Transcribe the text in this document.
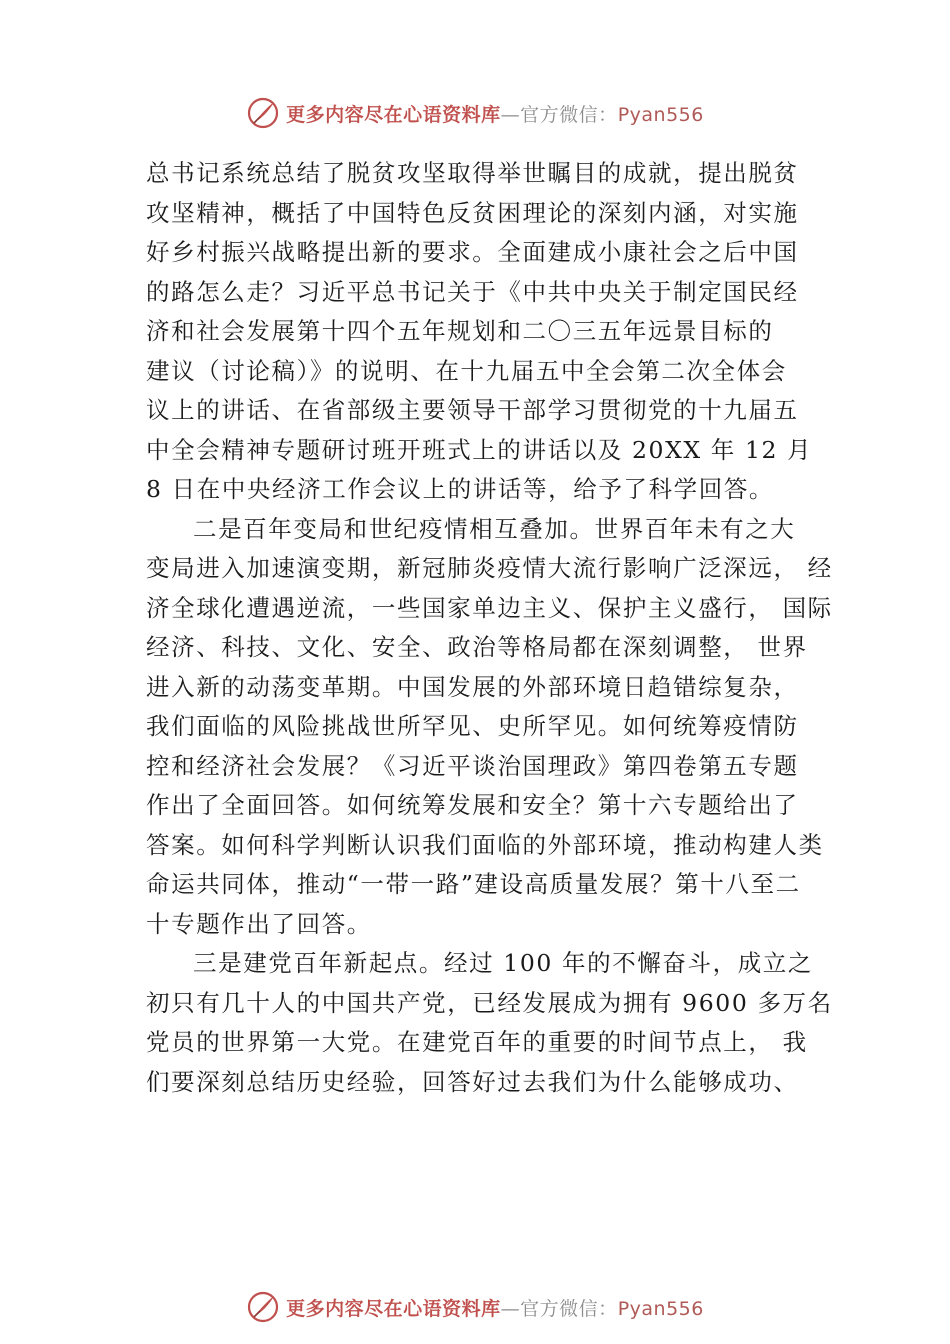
更多内容尽在心语资料库—官方微信：Pyan556
总书记系统总结了脱贫攻坚取得举世瞩目的成就，提出脱贫
攻坚精神，概括了中国特色反贫困理论的深刻内涵，对实施
好乡村振兴战略提出新的要求。全面建成小康社会之后中国
的路怎么走？习近平总书记关于《中共中央关于制定国民经
济和社会发展第十四个五年规划和二〇三五年远景目标的
建议（讨论稿）》的说明、在十九届五中全会第二次全体会
议上的讲话、在省部级主要领导干部学习贯彻党的十九届五
中全会精神专题研讨班开班式上的讲话以及 20XX 年 12 月
8 日在中央经济工作会议上的讲话等，给予了科学回答。
二是百年变局和世纪疫情相互叠加。世界百年未有之大
变局进入加速演变期，新冠肺炎疫情大流行影响广泛深远， 经
济全球化遭遇逆流，一些国家单边主义、保护主义盛行， 国际
经济、科技、文化、安全、政治等格局都在深刻调整， 世界
进入新的动荡变革期。中国发展的外部环境日趋错综复杂，
我们面临的风险挑战世所罕见、史所罕见。如何统筹疫情防
控和经济社会发展？《习近平谈治国理政》第四卷第五专题
作出了全面回答。如何统筹发展和安全？第十六专题给出了
答案。如何科学判断认识我们面临的外部环境，推动构建人类
命运共同体，推动“一带一路”建设高质量发展？第十八至二
十专题作出了回答。
三是建党百年新起点。经过 100 年的不懈奋斗，成立之
初只有几十人的中国共产党，已经发展成为拥有 9600 多万名
党员的世界第一大党。在建党百年的重要的时间节点上， 我
们要深刻总结历史经验，回答好过去我们为什么能够成功、
更多内容尽在心语资料库—官方微信：Pyan556
